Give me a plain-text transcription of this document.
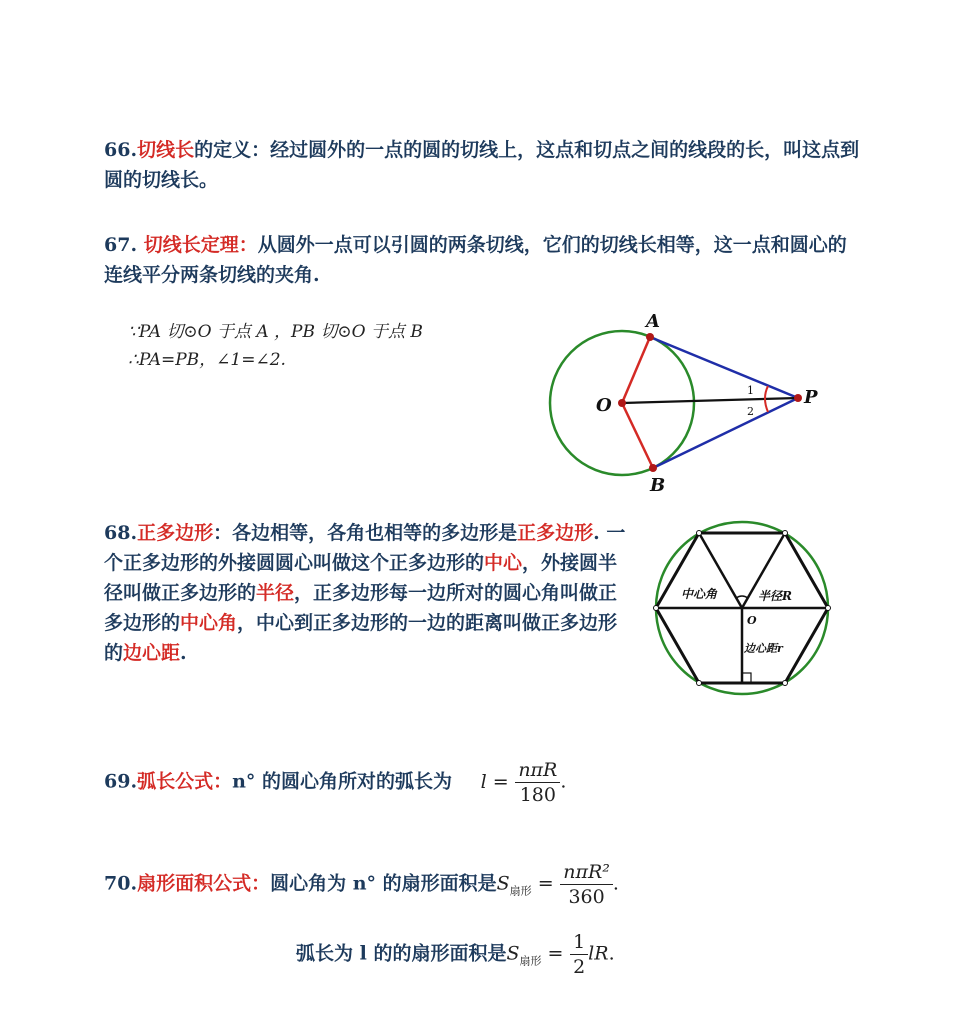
66.切线长的定义：经过圆外的一点的圆的切线上，这点和切点之间的线段的长，叫这点到圆的切线长。
67. 切线长定理：从圆外一点可以引圆的两条切线，它们的切线长相等，这一点和圆心的连线平分两条切线的夹角.
∵PA 切⊙O 于点 A ，PB 切⊙O 于点 B
∴PA=PB，∠1=∠2.
A
B
O	P
1
2
68.正多边形：各边相等，各角也相等的多边形是正多边形. 一个正多边形的外接圆圆心叫做这个正多边形的中心，外接圆半径叫做正多边形的半径，正多边形每一边所对的圆心角叫做正多边形的中心角，中心到正多边形的一边的距离叫做正多边形的边心距.
中心角	半径R
O
边心距r
69.弧长公式：n° 的圆心角所对的弧长为 $l = \frac{\text{nπR}}{180}$ .
70.扇形面积公式：圆心角为 n° 的扇形面积是$S_{扇形} = \frac{\text{nπR²}}{360}$ .
弧长为 l 的的扇形面积是$S_{扇形} = \frac{1}{2}$ lR.
